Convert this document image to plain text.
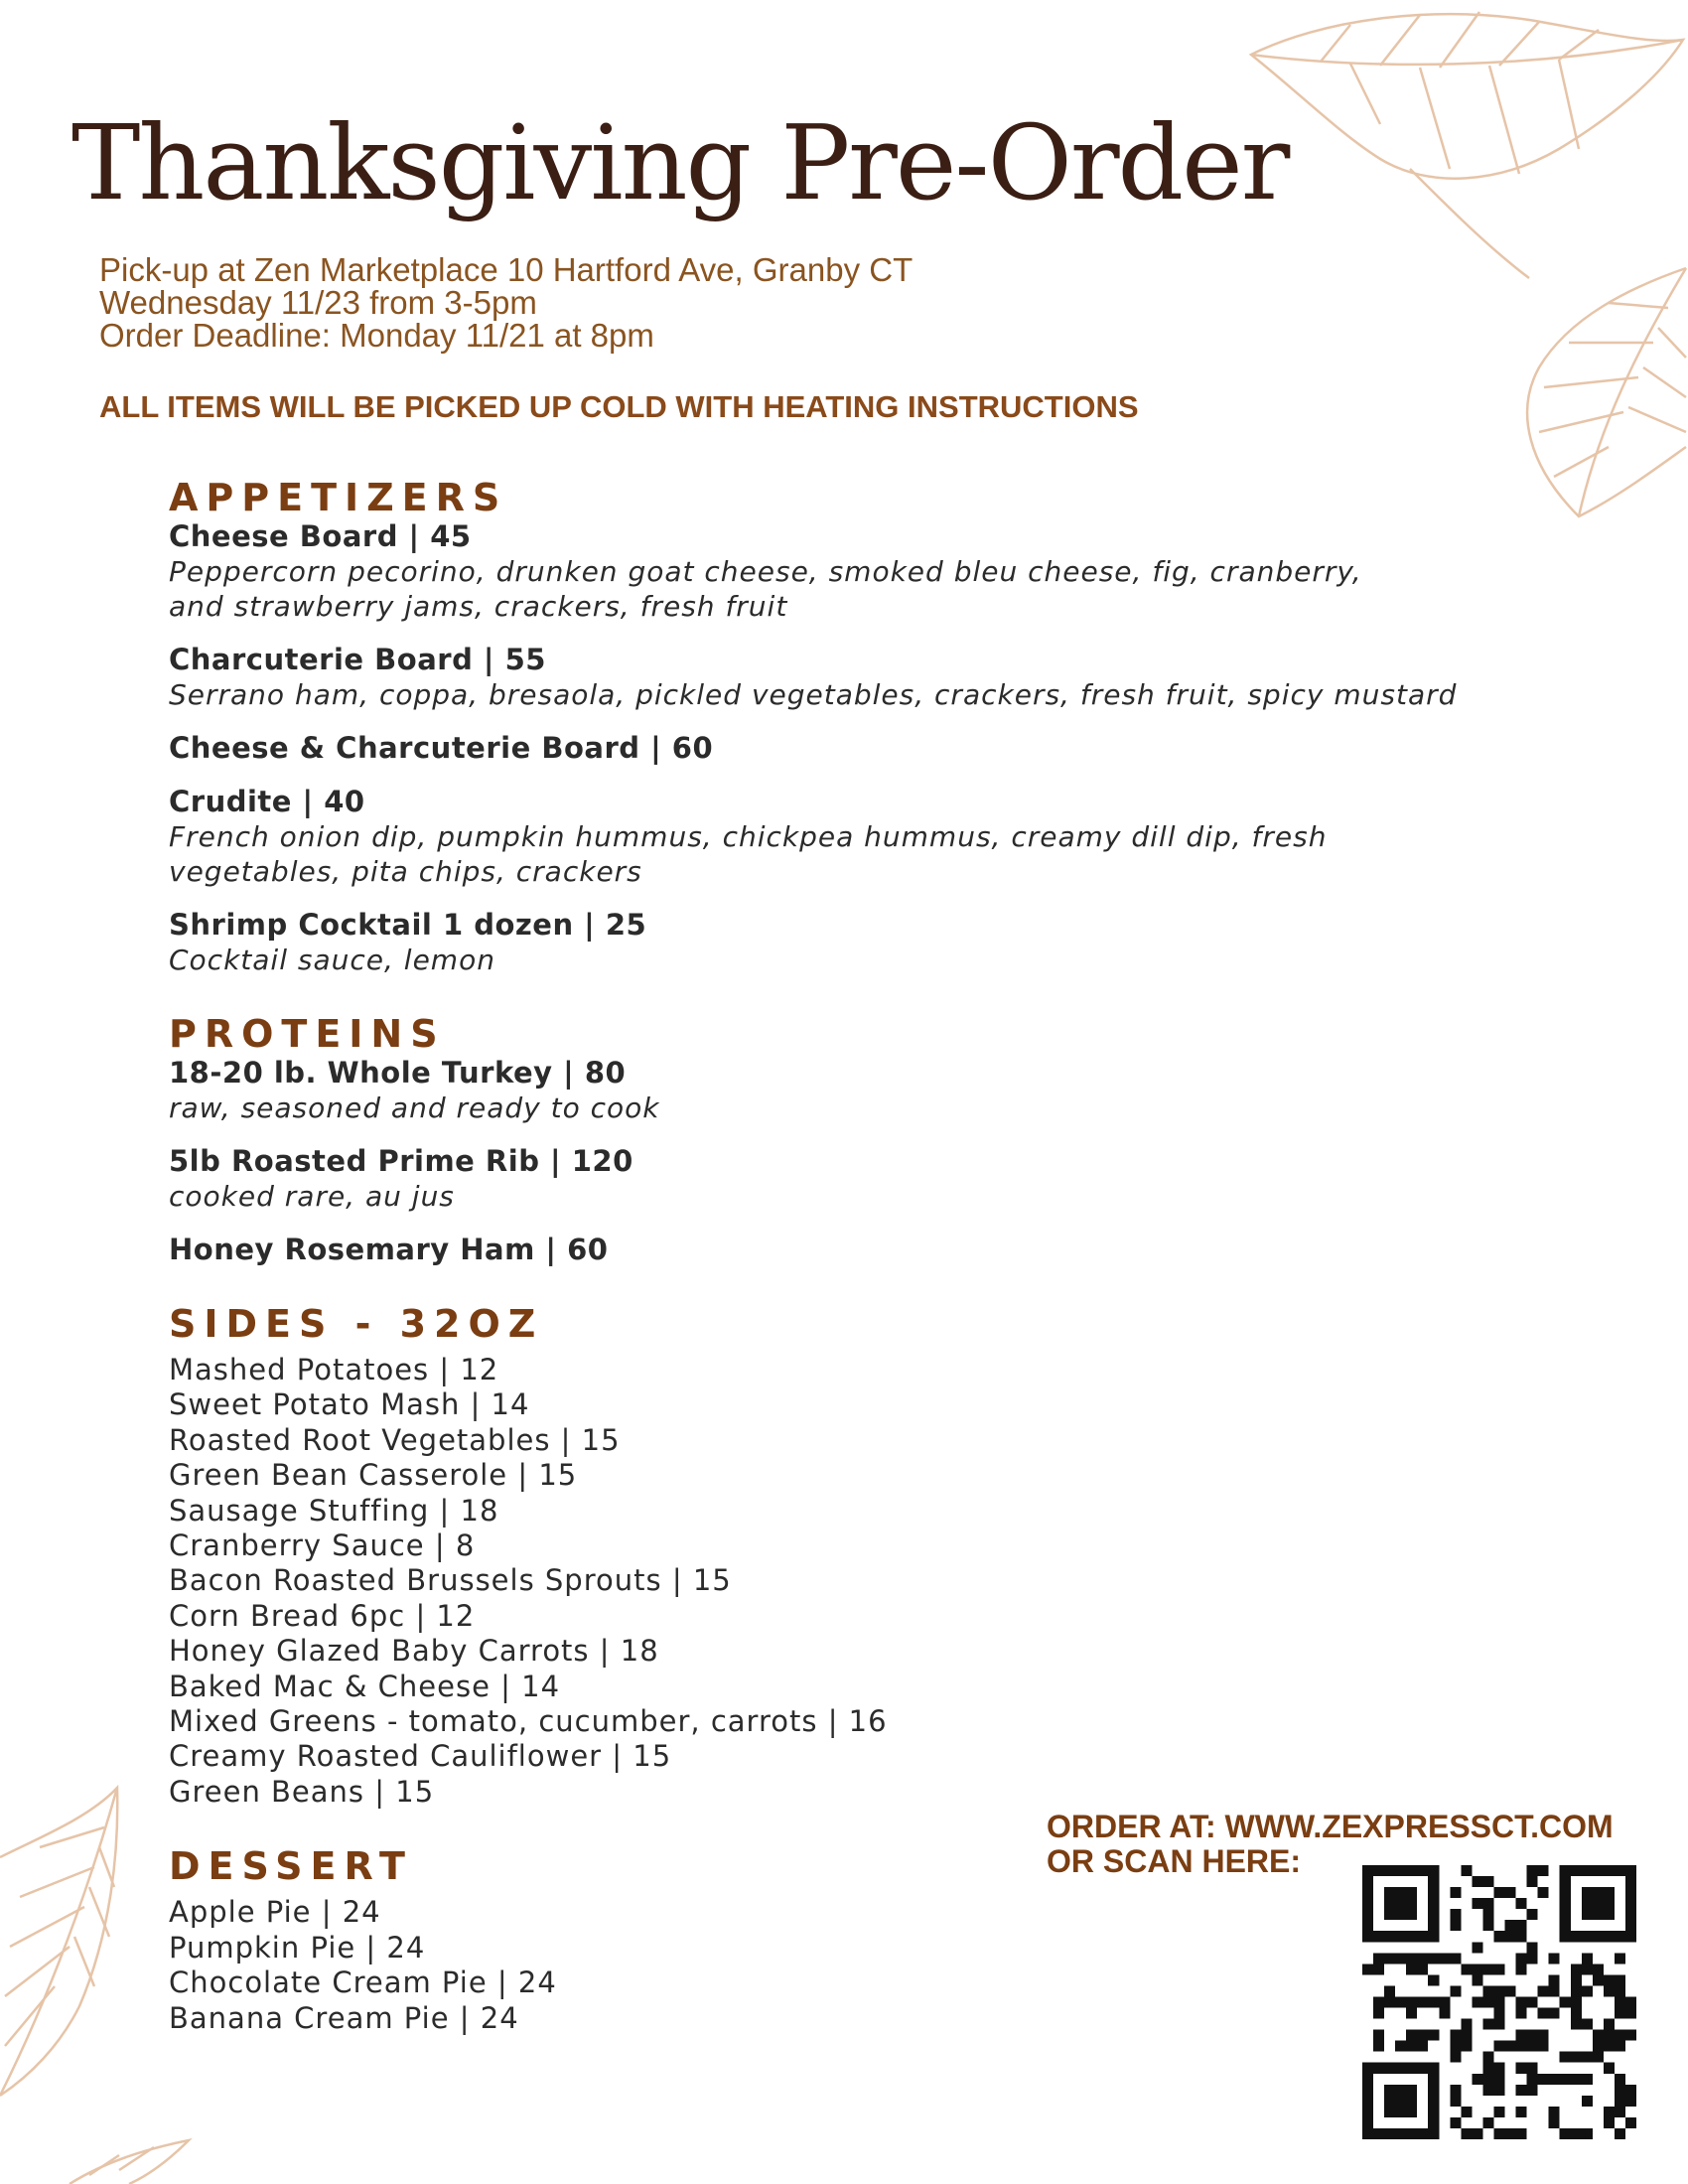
Thanksgiving Pre-Order
Pick-up at Zen Marketplace 10 Hartford Ave, Granby CT
Wednesday 11/23 from 3-5pm
Order Deadline: Monday 11/21 at 8pm
ALL ITEMS WILL BE PICKED UP COLD WITH HEATING INSTRUCTIONS
APPETIZERS
Cheese Board | 45
Peppercorn pecorino, drunken goat cheese, smoked bleu cheese, fig, cranberry,
and strawberry jams, crackers, fresh fruit
Charcuterie Board | 55
Serrano ham, coppa, bresaola, pickled vegetables, crackers, fresh fruit, spicy mustard
Cheese & Charcuterie Board | 60
Crudite | 40
French onion dip, pumpkin hummus, chickpea hummus, creamy dill dip, fresh
vegetables, pita chips, crackers
Shrimp Cocktail 1 dozen | 25
Cocktail sauce, lemon
PROTEINS
18-20 lb. Whole Turkey | 80
raw, seasoned and ready to cook
5lb Roasted Prime Rib | 120
cooked rare, au jus
Honey Rosemary Ham | 60
SIDES - 32OZ
Mashed Potatoes | 12
Sweet Potato Mash | 14
Roasted Root Vegetables | 15
Green Bean Casserole | 15
Sausage Stuffing | 18
Cranberry Sauce | 8
Bacon Roasted Brussels Sprouts | 15
Corn Bread 6pc | 12
Honey Glazed Baby Carrots | 18
Baked Mac & Cheese | 14
Mixed Greens - tomato, cucumber, carrots | 16
Creamy Roasted Cauliflower | 15
Green Beans | 15
DESSERT
Apple Pie | 24
Pumpkin Pie | 24
Chocolate Cream Pie | 24
Banana Cream Pie | 24
ORDER AT: WWW.ZEXPRESSCT.COM
OR SCAN HERE:
